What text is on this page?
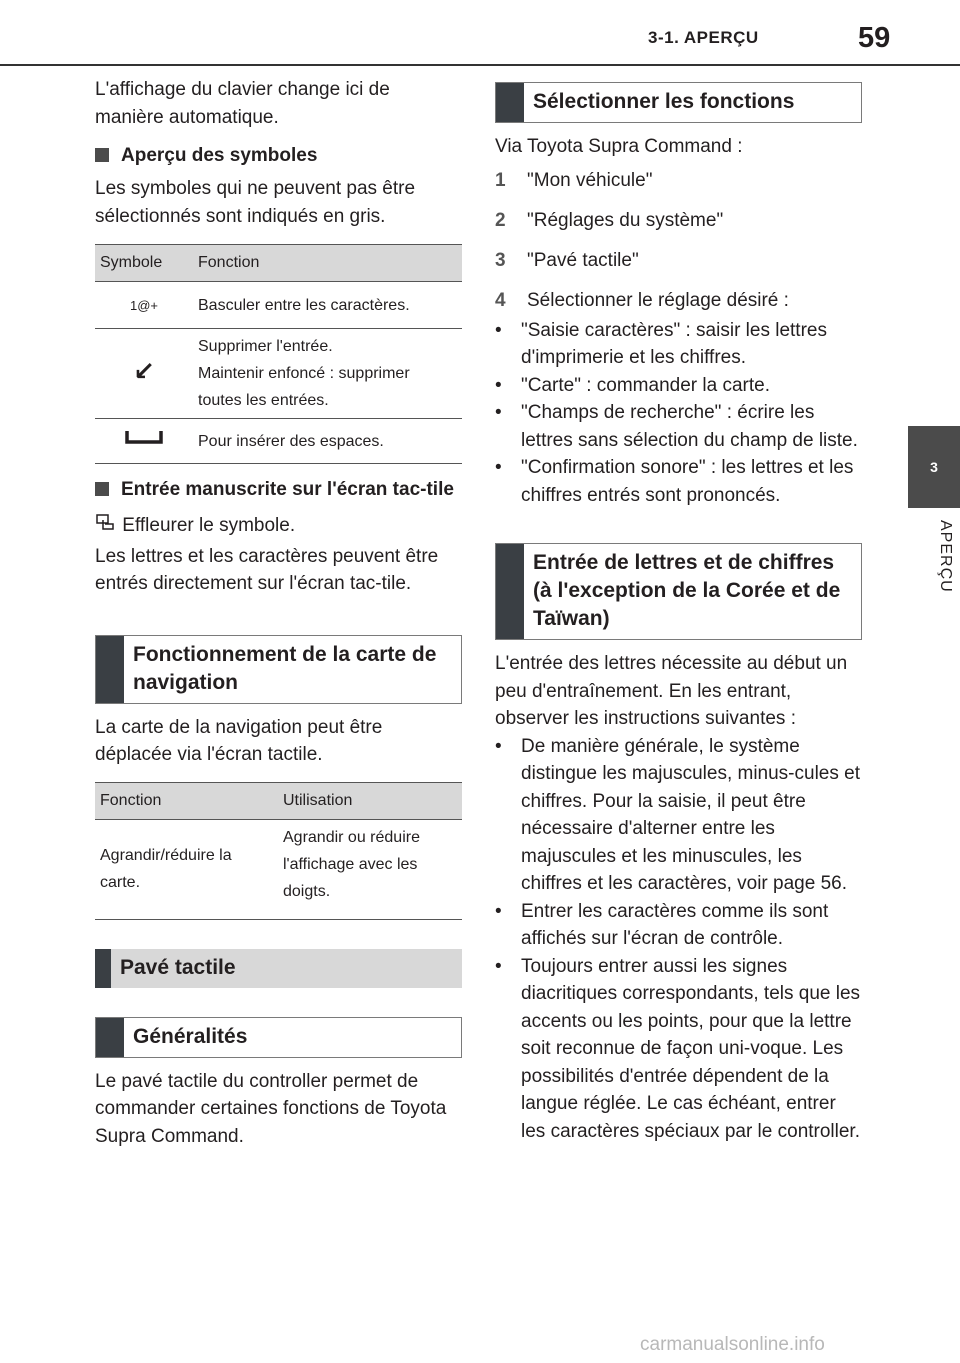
3-1. APERÇU	59
3
APERÇU

L'affichage du clavier change ici de manière automatique.

Aperçu des symboles

Les symboles qui ne peuvent pas être sélectionnés sont indiqués en gris.

Symbole	Fonction
1@+	Basculer entre les caractères.
↙	Supprimer l'entrée.
Maintenir enfoncé : supprimer
toutes les entrées.

	Pour insérer des espaces.
Entrée manuscrite sur l'écran tac-tile

Effleurer le symbole.

Les lettres et les caractères peuvent être entrés directement sur l'écran tac-tile.

Fonctionnement de la carte de navigation

La carte de la navigation peut être déplacée via l'écran tactile.

Fonction	Utilisation
Agrandir/réduire la carte.	Agrandir ou réduire
l'affichage avec les
doigts.
Pavé tactile
Généralités

Le pavé tactile du controller permet de commander certaines fonctions de Toyota Supra Command.

Sélectionner les fonctions

Via Toyota Supra Command :

1	"Mon véhicule"
2	"Réglages du système"
3	"Pavé tactile"
4	Sélectionner le réglage désiré :
•	"Saisie caractères" : saisir les lettres d'imprimerie et les chiffres.
•	"Carte" : commander la carte.
•	"Champs de recherche" : écrire les lettres sans sélection du champ de liste.
•	"Confirmation sonore" : les lettres et les chiffres entrés sont prononcés.
Entrée de lettres et de chiffres (à l'exception de la Corée et de Taïwan)

L'entrée des lettres nécessite au début un peu d'entraînement. En les entrant, observer les instructions suivantes :

•	De manière générale, le système distingue les majuscules, minus-cules et chiffres. Pour la saisie, il peut être nécessaire d'alterner entre les majuscules et les minuscules, les chiffres et les caractères, voir page 56.
•	Entrer les caractères comme ils sont affichés sur l'écran de contrôle.
•	Toujours entrer aussi les signes diacritiques correspondants, tels que les accents ou les points, pour que la lettre soit reconnue de façon uni-voque. Les possibilités d'entrée dépendent de la langue réglée. Le cas échéant, entrer les caractères spéciaux par le controller.
carmanualsonline.info
